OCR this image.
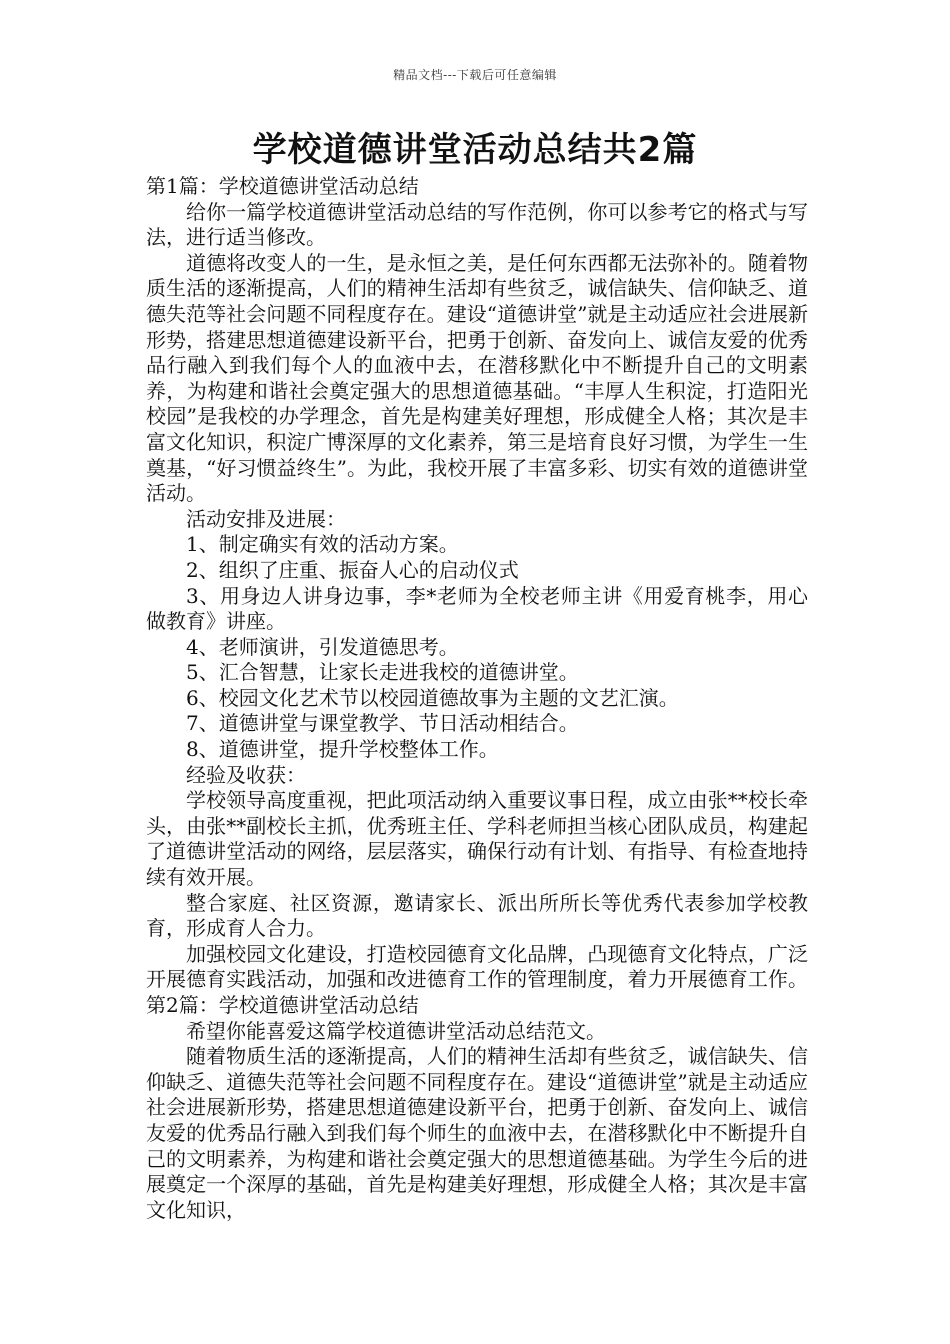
精品文档---下载后可任意编辑
学校道德讲堂活动总结共2篇

第1篇：学校道德讲堂活动总结

给你一篇学校道德讲堂活动总结的写作范例，你可以参考它的格式与写法，进行适当修改。

道德将改变人的一生，是永恒之美，是任何东西都无法弥补的。随着物质生活的逐渐提高，人们的精神生活却有些贫乏，诚信缺失、信仰缺乏、道德失范等社会问题不同程度存在。建设“道德讲堂”就是主动适应社会进展新形势，搭建思想道德建设新平台，把勇于创新、奋发向上、诚信友爱的优秀品行融入到我们每个人的血液中去，在潜移默化中不断提升自己的文明素养，为构建和谐社会奠定强大的思想道德基础。“丰厚人生积淀，打造阳光校园”是我校的办学理念，首先是构建美好理想，形成健全人格；其次是丰富文化知识，积淀广博深厚的文化素养，第三是培育良好习惯，为学生一生奠基，“好习惯益终生”。为此，我校开展了丰富多彩、切实有效的道德讲堂活动。

活动安排及进展：

1、制定确实有效的活动方案。

2、组织了庄重、振奋人心的启动仪式

3、用身边人讲身边事，李*老师为全校老师主讲《用爱育桃李，用心做教育》讲座。

4、老师演讲，引发道德思考。

5、汇合智慧，让家长走进我校的道德讲堂。

6、校园文化艺术节以校园道德故事为主题的文艺汇演。

7、道德讲堂与课堂教学、节日活动相结合。

8、道德讲堂，提升学校整体工作。

经验及收获：

学校领导高度重视，把此项活动纳入重要议事日程，成立由张**校长牵头，由张**副校长主抓，优秀班主任、学科老师担当核心团队成员，构建起了道德讲堂活动的网络，层层落实，确保行动有计划、有指导、有检查地持续有效开展。

整合家庭、社区资源，邀请家长、派出所所长等优秀代表参加学校教育，形成育人合力。

加强校园文化建设，打造校园德育文化品牌，凸现德育文化特点，广泛开展德育实践活动，加强和改进德育工作的管理制度，着力开展德育工作。第2篇：学校道德讲堂活动总结

希望你能喜爱这篇学校道德讲堂活动总结范文。

随着物质生活的逐渐提高，人们的精神生活却有些贫乏，诚信缺失、信仰缺乏、道德失范等社会问题不同程度存在。建设“道德讲堂”就是主动适应社会进展新形势，搭建思想道德建设新平台，把勇于创新、奋发向上、诚信友爱的优秀品行融入到我们每个师生的血液中去，在潜移默化中不断提升自己的文明素养，为构建和谐社会奠定强大的思想道德基础。为学生今后的进展奠定一个深厚的基础，首先是构建美好理想，形成健全人格；其次是丰富文化知识，
